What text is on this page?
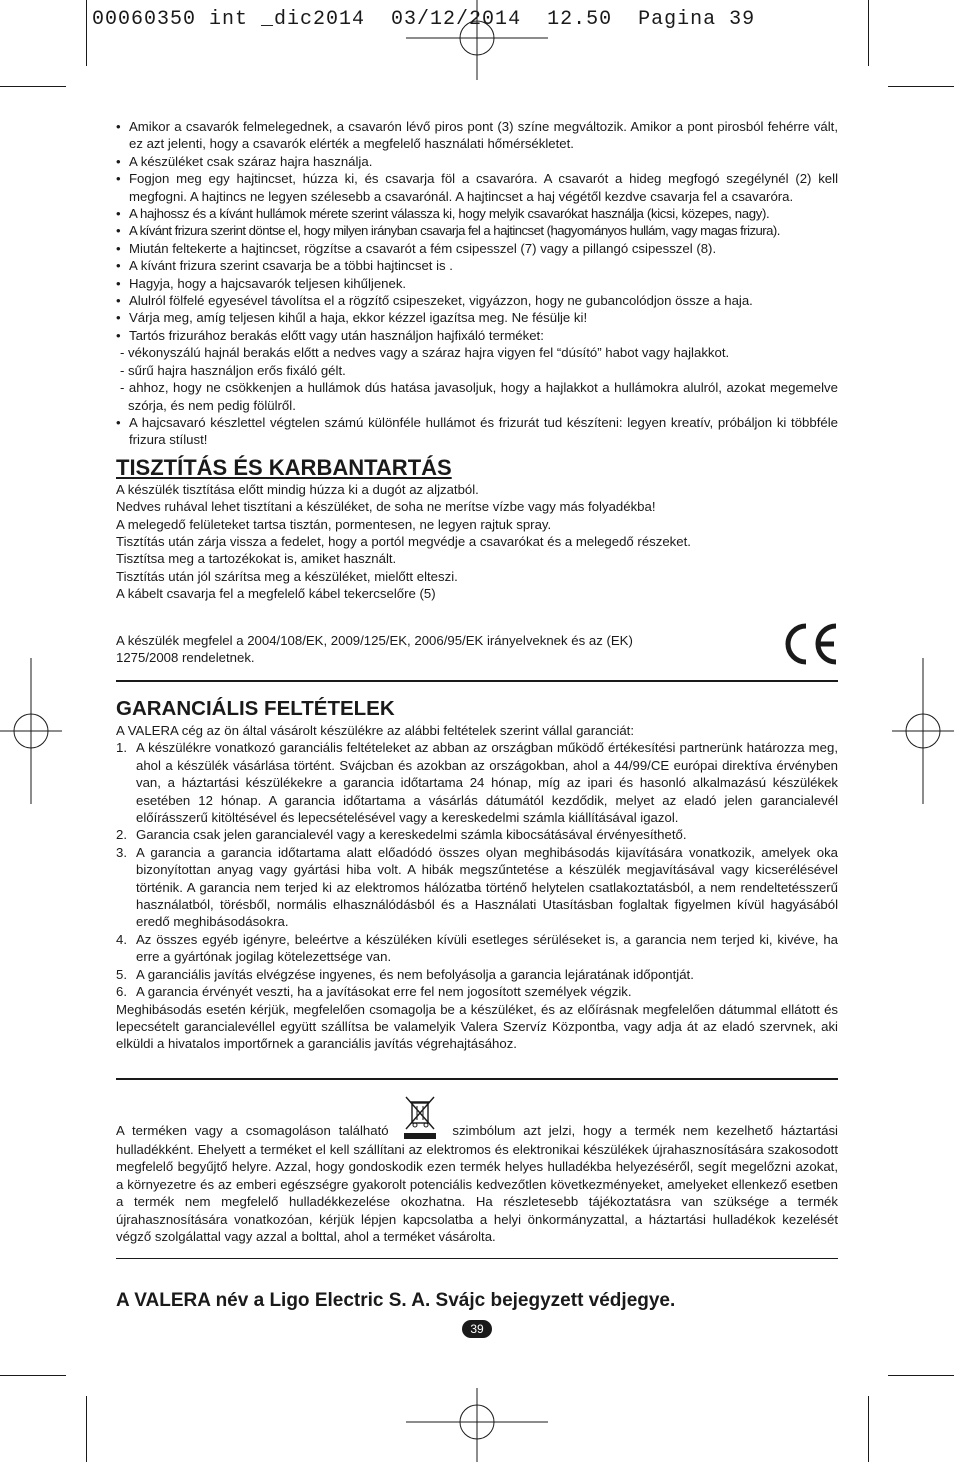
00060350 int _dic2014  03/12/2014  12.50  Pagina 39
• Amikor a csavarók felmelegednek, a csavarón lévő piros pont (3) színe megváltozik. Amikor a pont pirosból fehérre vált, ez azt jelenti, hogy a csavarók elérték a megfelelő használati hőmérsékletet.
• A készüléket csak száraz hajra használja.
• Fogjon meg egy hajtincset, húzza ki, és csavarja föl a csavaróra. A csavarót a hideg megfogó szegélynél (2) kell megfogni. A hajtincs ne legyen szélesebb a csavarónál. A hajtincset a haj végétől kezdve csavarja fel a csavaróra.
• A hajhossz és a kívánt hullámok mérete szerint válassza ki, hogy melyik csavarókat használja (kicsi, közepes, nagy).
• A kívánt frizura szerint döntse el, hogy milyen irányban csavarja fel a hajtincset (hagyományos hullám, vagy magas frizura).
• Miután feltekerte a hajtincset, rögzítse a csavarót a fém csipesszel (7) vagy a pillangó csipesszel (8).
• A kívánt frizura szerint csavarja be a többi hajtincset is .
• Hagyja, hogy a hajcsavarók teljesen kihűljenek.
• Alulról fölfelé egyesével távolítsa el a rögzítő csipeszeket, vigyázzon, hogy ne gubancolódjon össze a haja.
• Várja meg, amíg teljesen kihűl a haja, ekkor kézzel igazítsa meg. Ne fésülje ki!
• Tartós frizurához berakás előtt vagy után használjon hajfixáló terméket:
- vékonyszálú hajnál berakás előtt a nedves vagy a száraz hajra vigyen fel “dúsító” habot vagy hajlakkot.
- sűrű hajra használjon erős fixáló gélt.
- ahhoz, hogy ne csökkenjen a hullámok dús hatása javasoljuk, hogy a hajlakkot a hullámokra alulról, azokat megemelve szórja, és nem pedig fölülről.
• A hajcsavaró készlettel végtelen számú különféle hullámot és frizurát tud készíteni: legyen kreatív, próbáljon ki többféle frizura stílust!
TISZTÍTÁS ÉS KARBANTARTÁS

A készülék tisztítása előtt mindig húzza ki a dugót az aljzatból.

Nedves ruhával lehet tisztítani a készüléket, de soha ne merítse vízbe vagy más folyadékba!

A melegedő felületeket tartsa tisztán, pormentesen, ne legyen rajtuk spray.

Tisztítás után zárja vissza a fedelet, hogy a portól megvédje a csavarókat és a melegedő részeket.

Tisztítsa meg a tartozékokat is, amiket használt.

Tisztítás után jól szárítsa meg a készüléket, mielőtt elteszi.

A kábelt csavarja fel a megfelelő kábel tekercselőre (5)

A készülék megfelel a 2004/108/EK, 2009/125/EK, 2006/95/EK irányelveknek és az (EK) 1275/2008 rendeletnek.
GARANCIÁLIS FELTÉTELEK

A VALERA cég az ön által vásárolt készülékre az alábbi feltételek szerint vállal garanciát:

1. A készülékre vonatkozó garanciális feltételeket az abban az országban működő értékesítési partnerünk határozza meg, ahol a készülék vásárlása történt. Svájcban és azokban az országokban, ahol a 44/99/CE európai direktíva érvényben van, a háztartási készülékekre a garancia időtartama 24 hónap, míg az ipari és hasonló alkalmazású készülékek esetében 12 hónap. A garancia időtartama a vásárlás dátumától kezdődik, melyet az eladó jelen garancialevél előírásszerű kitöltésével és lepecsételésével vagy a kereskedelmi számla kiállításával igazol.
2. Garancia csak jelen garancialevél vagy a kereskedelmi számla kibocsátásával érvényesíthető.
3. A garancia a garancia időtartama alatt előadódó összes olyan meghibásodás kijavítására vonatkozik, amelyek oka bizonyítottan anyag vagy gyártási hiba volt. A hibák megszűntetése a készülék megjavításával vagy kicserélésével történik. A garancia nem terjed ki az elektromos hálózatba történő helytelen csatlakoztatásból, a nem rendeltetésszerű használatból, törésből, normális elhasználódásból és a Használati Utasításban foglaltak figyelmen kívül hagyásából eredő meghibásodásokra.
4. Az összes egyéb igényre, beleértve a készüléken kívüli esetleges sérüléseket is, a garancia nem terjed ki, kivéve, ha erre a gyártónak jogilag kötelezettsége van.
5. A garanciális javítás elvégzése ingyenes, és nem befolyásolja a garancia lejáratának időpontját.
6. A garancia érvényét veszti, ha a javításokat erre fel nem jogosított személyek végzik.

Meghibásodás esetén kérjük, megfelelően csomagolja be a készüléket, és az előírásnak megfelelően dátummal ellátott és lepecsételt garancialevéllel együtt szállítsa be valamelyik Valera Szervíz Központba, vagy adja át az eladó szervnek, aki elküldi a hivatalos importőrnek a garanciális javítás végrehajtásához.

A terméken vagy a csomagoláson található	szimbólum azt jelzi, hogy a termék nem kezelhető háztartási hulladékként. Ehelyett a terméket el kell szállítani az elektromos és elektronikai készülékek újrahasznosítására szakosodott megfelelő begyűjtő helyre. Azzal, hogy gondoskodik ezen termék helyes hulladékba helyezéséről, segít megelőzni azokat, a környezetre és az emberi egészségre gyakorolt potenciális kedvezőtlen következményeket, amelyeket ellenkező esetben a termék nem megfelelő hulladékkezelése okozhatna. Ha részletesebb tájékoztatásra van szüksége a termék újrahasznosítására vonatkozóan, kérjük lépjen kapcsolatba a helyi önkormányzattal, a háztartási hulladékok kezelését végző szolgálattal vagy azzal a bolttal, ahol a terméket vásárolta.
A VALERA név a Ligo Electric S. A. Svájc bejegyzett védjegye.
39
